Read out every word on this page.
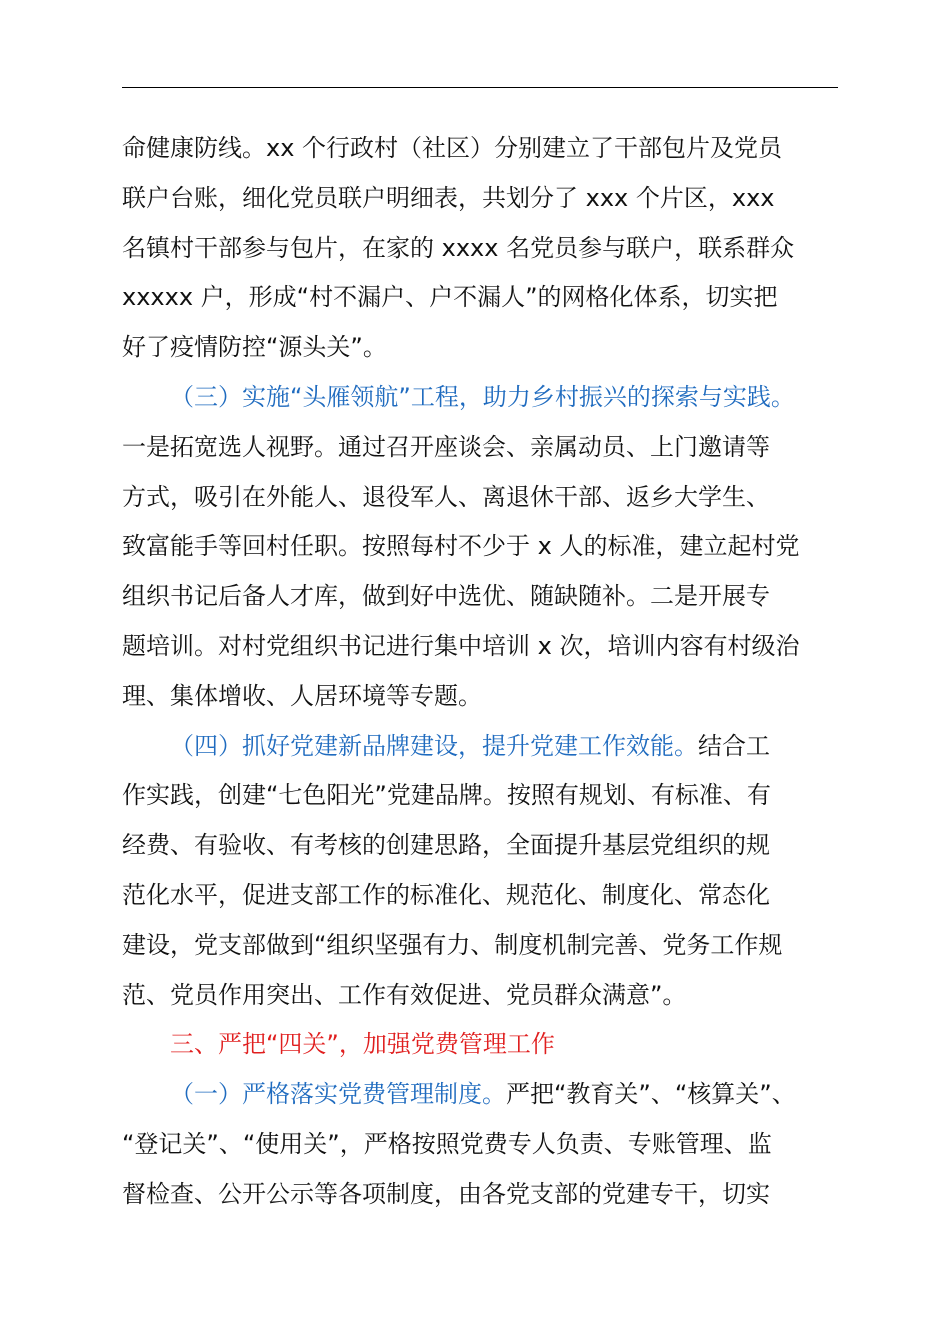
命健康防线。xx 个行政村（社区）分别建立了干部包片及党员
联户台账，细化党员联户明细表，共划分了 xxx 个片区，xxx
名镇村干部参与包片，在家的 xxxx 名党员参与联户，联系群众
xxxxx 户，形成“村不漏户、户不漏人”的网格化体系，切实把
好了疫情防控“源头关”。
（三）实施“头雁领航”工程，助力乡村振兴的探索与实践。
一是拓宽选人视野。通过召开座谈会、亲属动员、上门邀请等
方式，吸引在外能人、退役军人、离退休干部、返乡大学生、
致富能手等回村任职。按照每村不少于 x 人的标准，建立起村党
组织书记后备人才库，做到好中选优、随缺随补。二是开展专
题培训。对村党组织书记进行集中培训 x 次，培训内容有村级治
理、集体增收、人居环境等专题。
（四）抓好党建新品牌建设，提升党建工作效能。结合工
作实践，创建“七色阳光”党建品牌。按照有规划、有标准、有
经费、有验收、有考核的创建思路，全面提升基层党组织的规
范化水平，促进支部工作的标准化、规范化、制度化、常态化
建设，党支部做到“组织坚强有力、制度机制完善、党务工作规
范、党员作用突出、工作有效促进、党员群众满意”。
三、严把“四关”，加强党费管理工作
（一）严格落实党费管理制度。严把“教育关”、“核算关”、
“登记关”、“使用关”，严格按照党费专人负责、专账管理、监
督检查、公开公示等各项制度，由各党支部的党建专干，切实
